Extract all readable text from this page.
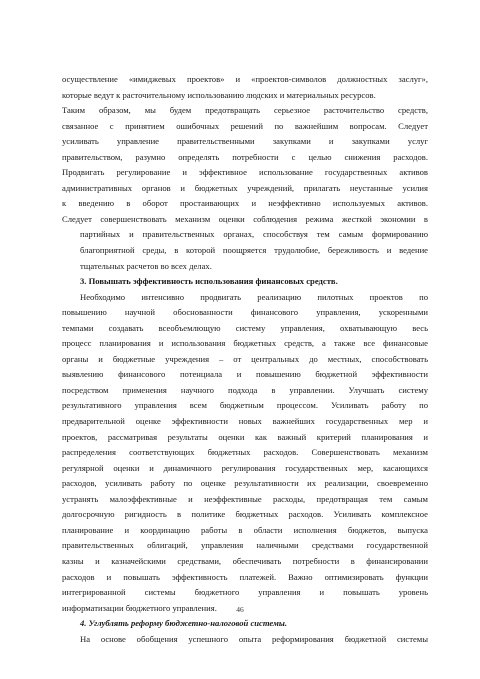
осуществление «имиджевых проектов» и «проектов-символов должностных заслуг»,
которые ведут к расточительному использованию людских и материальных ресурсов.
Таким образом, мы будем предотвращать серьезное расточительство средств,
связанное с принятием ошибочных решений по важнейшим вопросам. Следует
усиливать управление правительственными закупками и закупками услуг
правительством, разумно определять потребности с целью снижения расходов.
Продвигать регулирование и эффективное использование государственных активов
административных органов и бюджетных учреждений, прилагать неустанные усилия
к введению в оборот простаивающих и неэффективно используемых активов.
Следует совершенствовать механизм оценки соблюдения режима жесткой экономии в
партийных и правительственных органах, способствуя тем самым формированию
благоприятной среды, в которой поощряется трудолюбие, бережливость и ведение
тщательных расчетов во всех делах.
3. Повышать эффективность использования финансовых средств.
Необходимо интенсивно продвигать реализацию пилотных проектов по
повышению научной обоснованности финансового управления, ускоренными
темпами создавать всеобъемлющую систему управления, охватывающую весь
процесс планирования и использования бюджетных средств, а также все финансовые
органы и бюджетные учреждения – от центральных до местных, способствовать
выявлению финансового потенциала и повышению бюджетной эффективности
посредством применения научного подхода в управлении. Улучшать систему
результативного управления всем бюджетным процессом. Усиливать работу по
предварительной оценке эффективности новых важнейших государственных мер и
проектов, рассматривая результаты оценки как важный критерий планирования и
распределения соответствующих бюджетных расходов. Совершенствовать механизм
регулярной оценки и динамичного регулирования государственных мер, касающихся
расходов, усиливать работу по оценке результативности их реализации, своевременно
устранять малоэффективные и неэффективные расходы, предотвращая тем самым
долгосрочную ригидность в политике бюджетных расходов. Усиливать комплексное
планирование и координацию работы в области исполнения бюджетов, выпуска
правительственных облигаций, управления наличными средствами государственной
казны и казначейскими средствами, обеспечивать потребности в финансировании
расходов и повышать эффективность платежей. Важно оптимизировать функции
интегрированной системы бюджетного управления и повышать уровень
информатизации бюджетного управления.
4. Углублять реформу бюджетно-налоговой системы.
На основе обобщения успешного опыта реформирования бюджетной системы
46
